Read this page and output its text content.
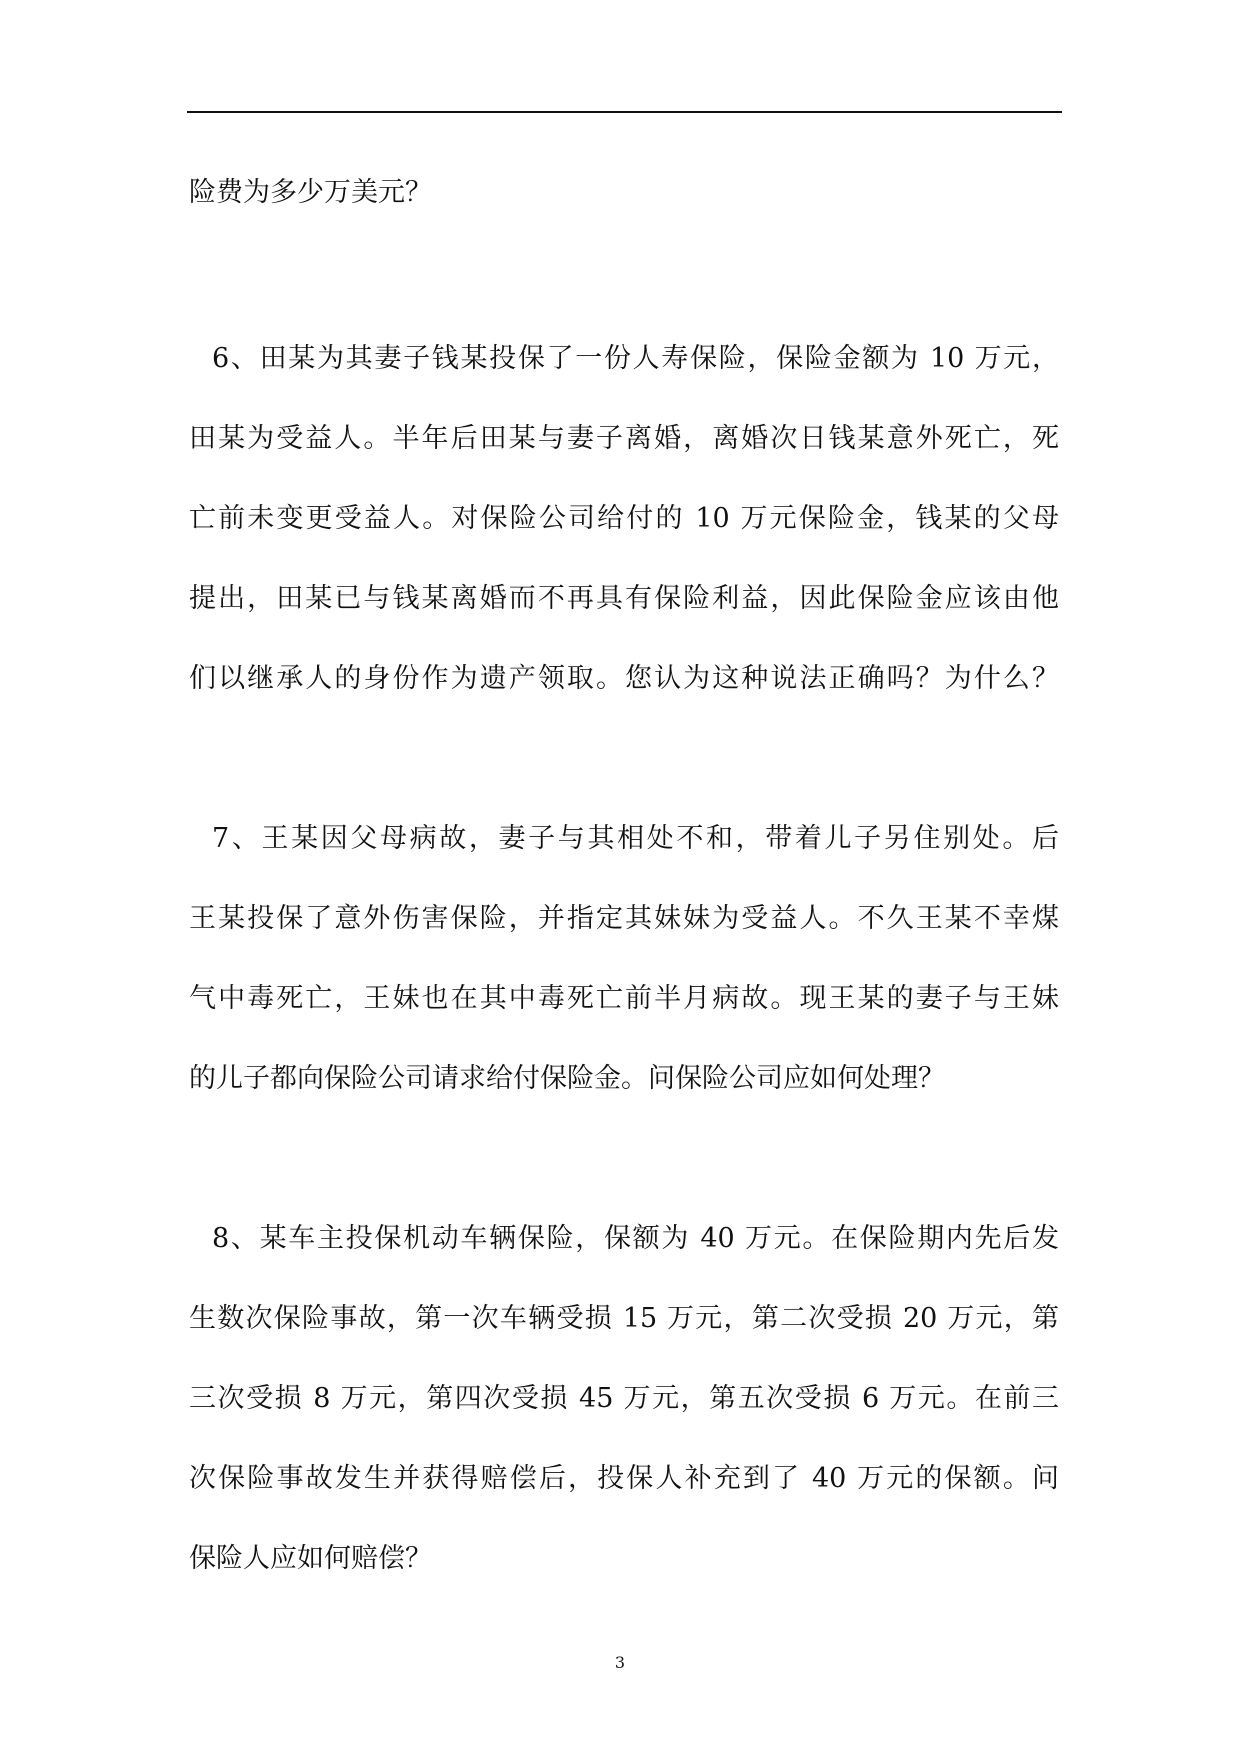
险费为多少万美元？
6、田某为其妻子钱某投保了一份人寿保险，保险金额为 10 万元，
田某为受益人。半年后田某与妻子离婚，离婚次日钱某意外死亡，死
亡前未变更受益人。对保险公司给付的 10 万元保险金，钱某的父母
提出，田某已与钱某离婚而不再具有保险利益，因此保险金应该由他
们以继承人的身份作为遗产领取。您认为这种说法正确吗？为什么？
7、王某因父母病故，妻子与其相处不和，带着儿子另住别处。后
王某投保了意外伤害保险，并指定其妹妹为受益人。不久王某不幸煤
气中毒死亡，王妹也在其中毒死亡前半月病故。现王某的妻子与王妹
的儿子都向保险公司请求给付保险金。问保险公司应如何处理？
8、某车主投保机动车辆保险，保额为 40 万元。在保险期内先后发
生数次保险事故，第一次车辆受损 15 万元，第二次受损 20 万元，第
三次受损 8 万元，第四次受损 45 万元，第五次受损 6 万元。在前三
次保险事故发生并获得赔偿后，投保人补充到了 40 万元的保额。问
保险人应如何赔偿？
3
